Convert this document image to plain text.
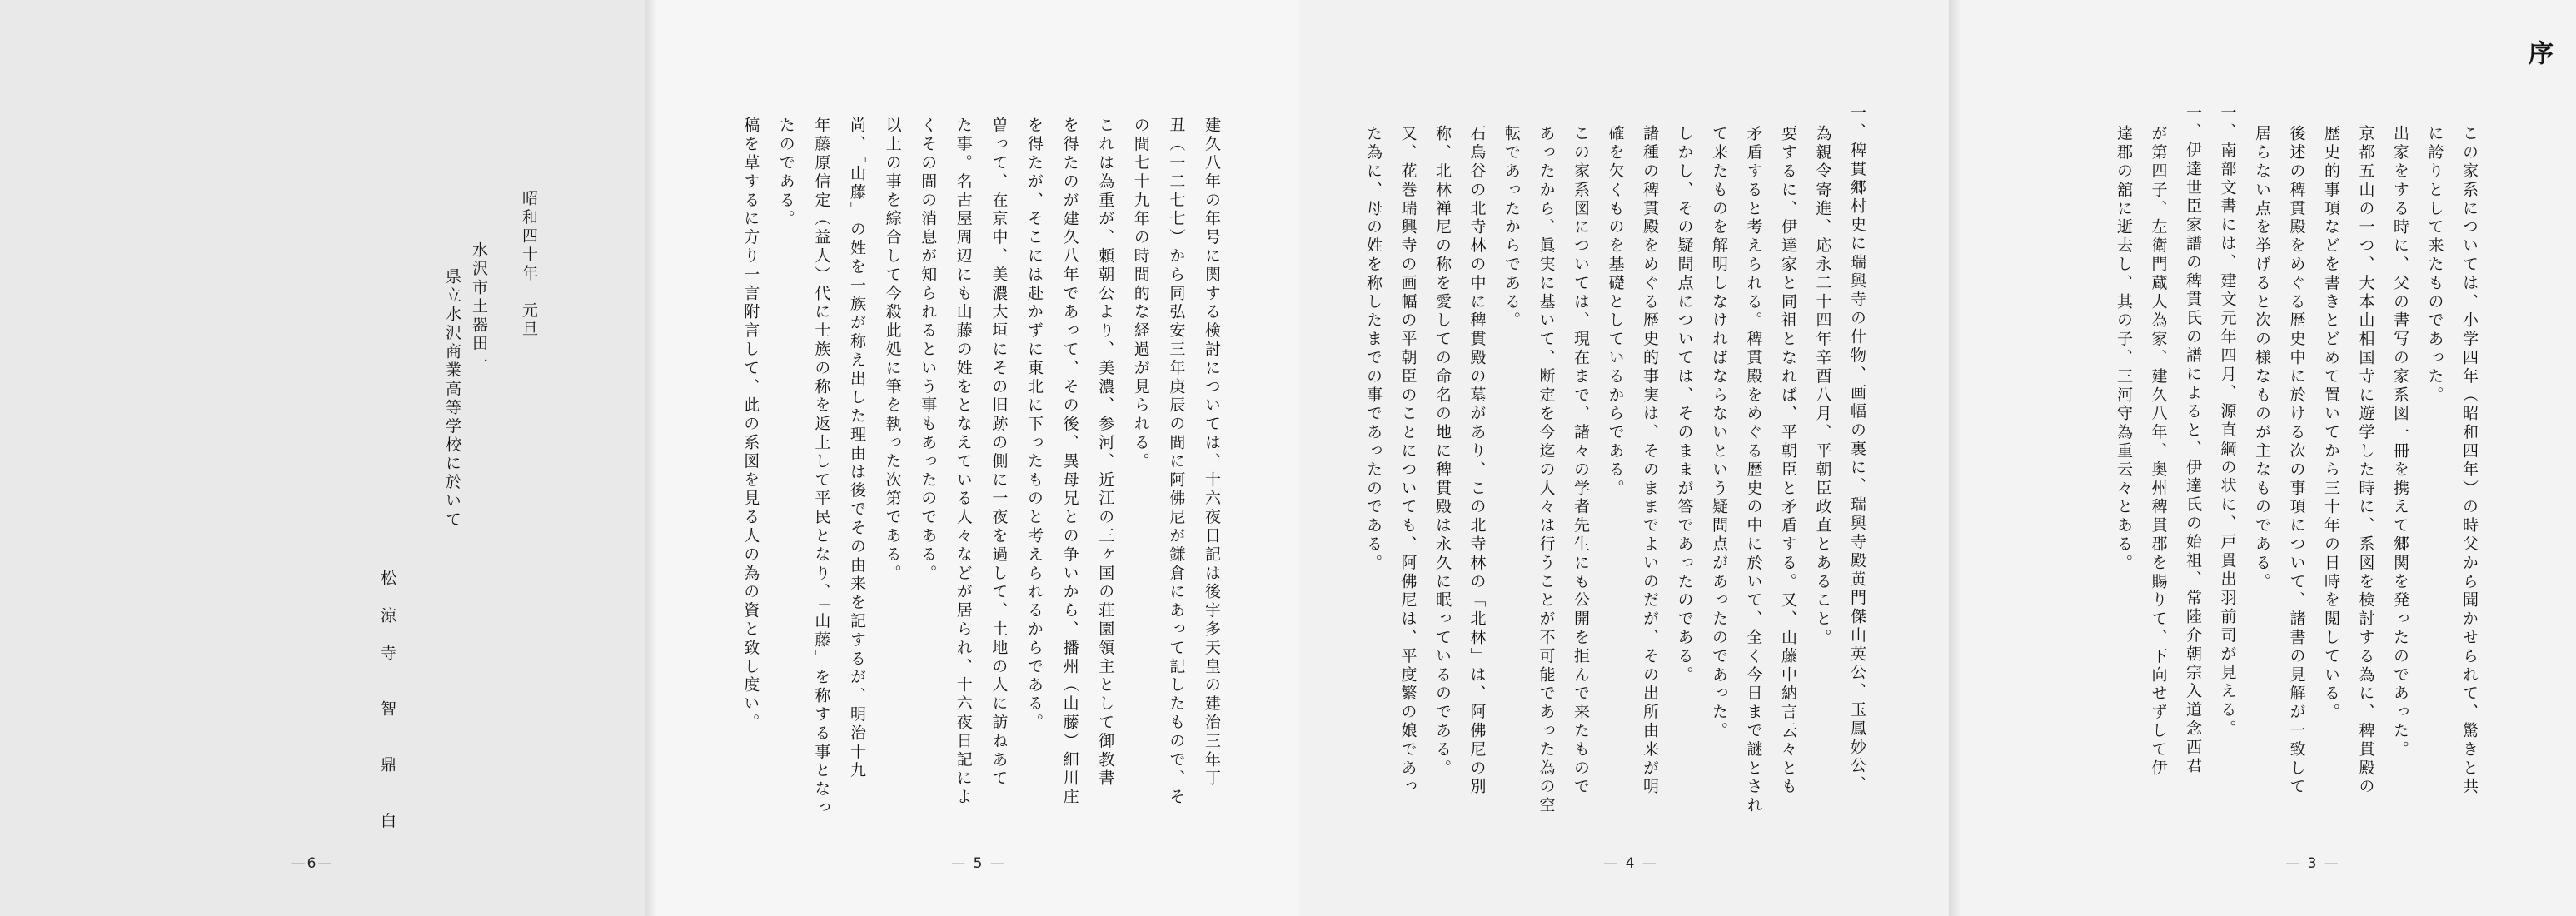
昭和四十年　元旦
水沢市土器田一
県立水沢商業高等学校に於いて
松　涼　寺　　智　　鼎　　白
—6—
建久八年の年号に関する検討については、十六夜日記は後宇多天皇の建治三年丁
丑（一二七七）から同弘安三年庚辰の間に阿佛尼が鎌倉にあって記したもので、そ
の間七十九年の時間的な経過が見られる。
これは為重が、頼朝公より、美濃、参河、近江の三ヶ国の荘園領主として御教書
を得たのが建久八年であって、その後、異母兄との争いから、播州（山藤）細川庄
を得たが、そこには赴かずに東北に下ったものと考えられるからである。
曽って、在京中、美濃大垣にその旧跡の側に一夜を過して、土地の人に訪ねあて
た事。名古屋周辺にも山藤の姓をとなえている人々などが居られ、十六夜日記によ
くその間の消息が知られるという事もあったのである。
以上の事を綜合して今殺此処に筆を執った次第である。
尚、「山藤」の姓を一族が称え出した理由は後でその由来を記するが、明治十九
年藤原信定（益人）代に士族の称を返上して平民となり、「山藤」を称する事となっ
たのである。
稿を草するに方り一言附言して、此の系図を見る人の為の資と致し度い。
— 5 —
一、稗貫郷村史に瑞興寺の什物、画幅の裏に、瑞興寺殿黄門傑山英公、玉鳳妙公、
為親令寄進、応永二十四年辛酉八月、平朝臣政直とあること。
要するに、伊達家と同祖となれば、平朝臣と矛盾する。又、山藤中納言云々とも
矛盾すると考えられる。稗貫殿をめぐる歴史の中に於いて、全く今日まで謎とされ
て来たものを解明しなければならないという疑問点があったのであった。
しかし、その疑問点については、そのままが答であったのである。
諸種の稗貫殿をめぐる歴史的事実は、そのままでよいのだが、その出所由来が明
確を欠くものを基礎としているからである。
この家系図については、現在まで、諸々の学者先生にも公開を拒んで来たもので
あったから、眞実に基いて、断定を今迄の人々は行うことが不可能であった為の空
転であったからである。
石鳥谷の北寺林の中に稗貫殿の墓があり、この北寺林の「北林」は、阿佛尼の別
称、北林禅尼の称を愛しての命名の地に稗貫殿は永久に眠っているのである。
又、花巻瑞興寺の画幅の平朝臣のことについても、阿佛尼は、平度繁の娘であっ
た為に、母の姓を称したまでの事であったのである。
— 4 —
序
この家系については、小学四年（昭和四年）の時父から聞かせられて、驚きと共
に誇りとして来たものであった。
出家をする時に、父の書写の家系図一冊を携えて郷関を発ったのであった。
京都五山の一つ、大本山相国寺に遊学した時に、系図を検討する為に、稗貫殿の
歴史的事項などを書きとどめて置いてから三十年の日時を閲している。
後述の稗貫殿をめぐる歴史中に於ける次の事項について、諸書の見解が一致して
居らない点を挙げると次の様なものが主なものである。
一、南部文書には、建文元年四月、源直綱の状に、戸貫出羽前司が見える。
一、伊達世臣家譜の稗貫氏の譜によると、伊達氏の始祖、常陸介朝宗入道念西君
が第四子、左衛門蔵人為家、建久八年、奥州稗貫郡を賜りて、下向せずして伊
達郡の舘に逝去し、其の子、三河守為重云々とある。
— 3 —
